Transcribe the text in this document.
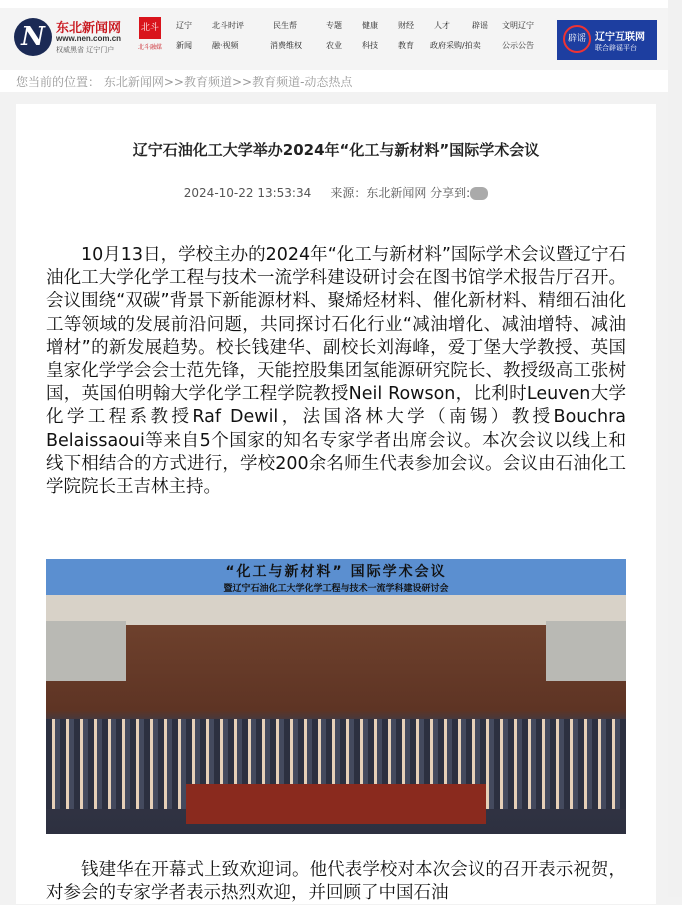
N 东北新闻网
www.nen.com.cn
权威黑省 辽宁门户
北斗
北斗融媒
辽宁
新闻
北斗时评
融·视频
民生帮
消费维权
专题
农业
健康
科技
财经
教育
人才
政府采购/拍卖
辟谣
公示公告
文明辽宁
辟谣 辽宁互联网
联合辟谣平台
您当前的位置： 东北新闻网>>教育频道>>教育频道-动态热点
辽宁石油化工大学举办2024年“化工与新材料”国际学术会议
2024-10-22 13:53:34 来源：东北新闻网 分享到:

10月13日，学校主办的2024年“化工与新材料”国际学术会议暨辽宁石油化工大学化学工程与技术一流学科建设研讨会在图书馆学术报告厅召开。会议围绕“双碳”背景下新能源材料、聚烯烃材料、催化新材料、精细石油化工等领域的发展前沿问题，共同探讨石化行业“减油增化、减油增特、减油增材”的新发展趋势。校长钱建华、副校长刘海峰，爱丁堡大学教授、英国皇家化学学会会士范先锋，天能控股集团氢能源研究院长、教授级高工张树国，英国伯明翰大学化学工程学院教授Neil Rowson，比利时Leuven大学化学工程系教授Raf Dewil，法国洛林大学（南锡）教授Bouchra Belaissaoui等来自5个国家的知名专家学者出席会议。本次会议以线上和线下相结合的方式进行，学校200余名师生代表参加会议。会议由石油化工学院院长王吉林主持。

“化工与新材料” 国际学术会议
暨辽宁石油化工大学化学工程与技术一流学科建设研讨会

钱建华在开幕式上致欢迎词。他代表学校对本次会议的召开表示祝贺，对参会的专家学者表示热烈欢迎，并回顾了中国石油
